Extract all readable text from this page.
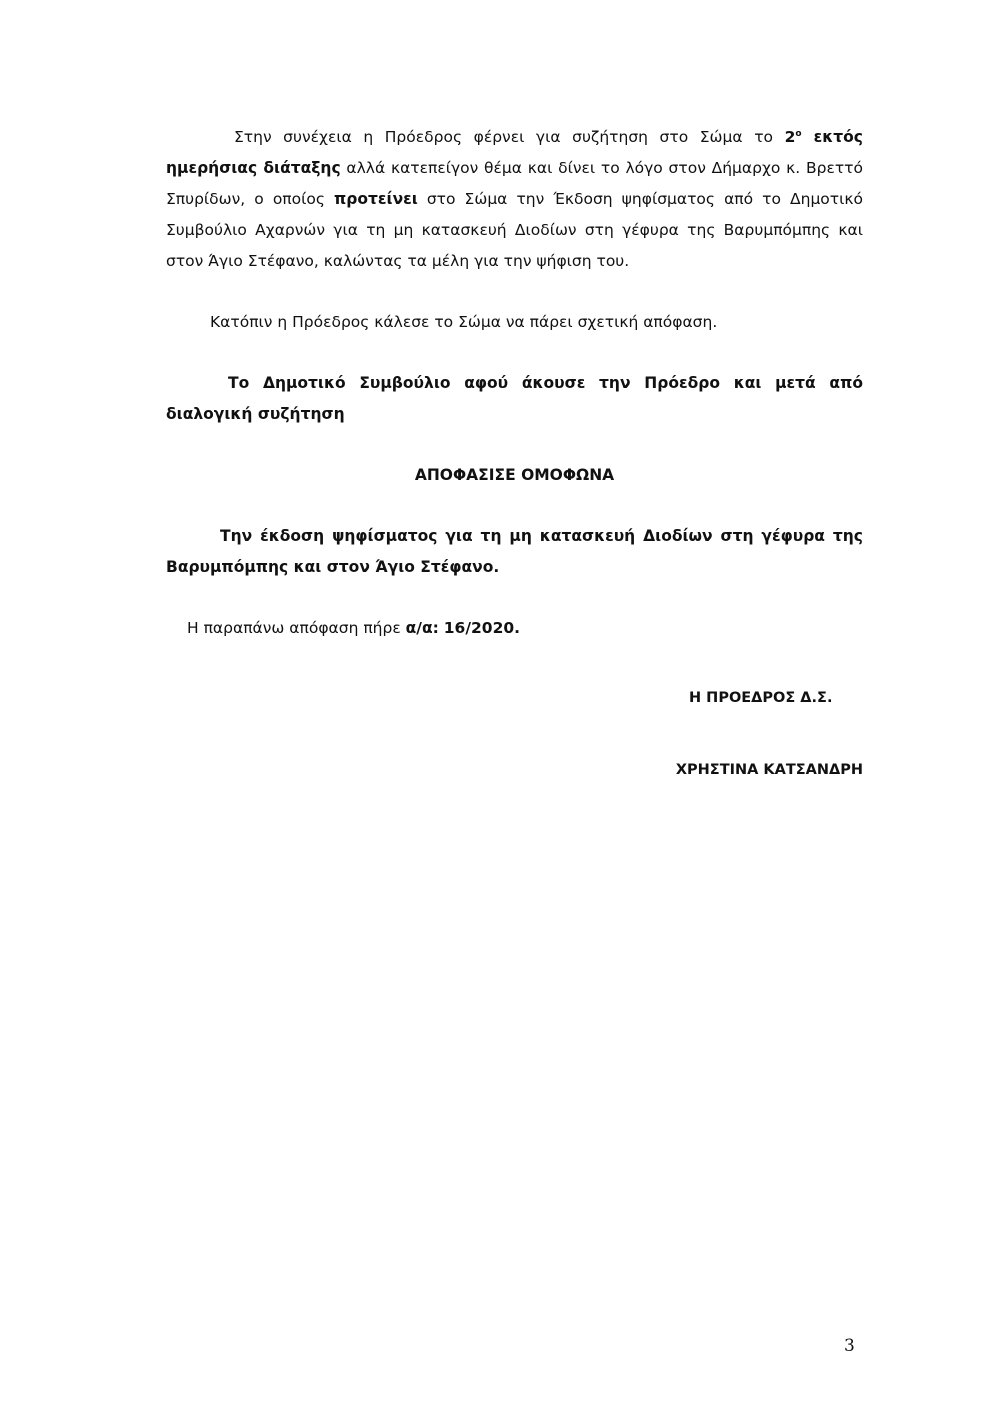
Στην συνέχεια η Πρόεδρος φέρνει για συζήτηση στο Σώμα το $2^o$ εκτός ημερήσιας διάταξης αλλά κατεπείγον θέμα και δίνει το λόγο στον Δήμαρχο κ. Βρεττό Σπυρίδων, ο οποίος προτείνει στο Σώμα την Έκδοση ψηφίσματος από το Δημοτικό Συμβούλιο Αχαρνών για τη μη κατασκευή Διοδίων στη γέφυρα της Βαρυμπόμπης και στον Άγιο Στέφανο, καλώντας τα μέλη για την ψήφιση του.

Κατόπιν η Πρόεδρος κάλεσε το Σώμα να πάρει σχετική απόφαση.

Το Δημοτικό Συμβούλιο αφού άκουσε την Πρόεδρο και μετά από διαλογική συζήτηση

ΑΠΟΦΑΣΙΣΕ ΟΜΟΦΩΝΑ

Την έκδοση ψηφίσματος για τη μη κατασκευή Διοδίων στη γέφυρα της Βαρυμπόμπης και στον Άγιο Στέφανο.

Η παραπάνω απόφαση πήρε α/α: 16/2020.

Η ΠΡΟΕΔΡΟΣ Δ.Σ.
ΧΡΗΣΤΙΝΑ ΚΑΤΣΑΝΔΡΗ
3
